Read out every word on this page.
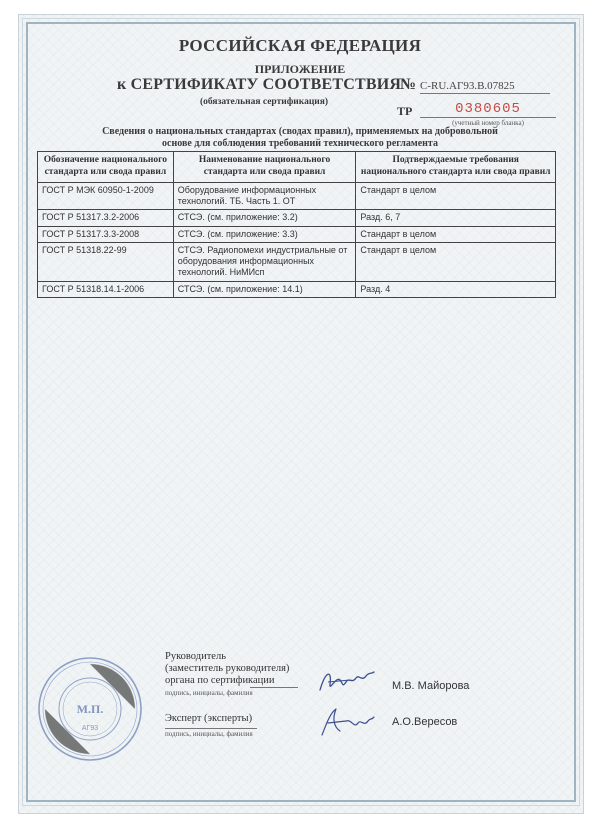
РОССИЙСКАЯ ФЕДЕРАЦИЯ
ПРИЛОЖЕНИЕ
к СЕРТИФИКАТУ СООТВЕТСТВИЯ
№ C-RU.АГ93.B.07825
(обязательная сертификация)
ТР	0380605
(учетный номер бланка)
Сведения о национальных стандартах (сводах правил), применяемых на добровольной
основе для соблюдения требований технического регламента
Обозначение национального стандарта или свода правил	Наименование национального стандарта или свода правил	Подтверждаемые требования национального стандарта или свода правил
ГОСТ Р МЭК 60950-1-2009	Оборудование информационных технологий. ТБ. Часть 1. ОТ	Стандарт в целом
ГОСТ Р 51317.3.2-2006	СТСЭ. (см. приложение: 3.2)	Разд. 6, 7
ГОСТ Р 51317.3.3-2008	СТСЭ. (см. приложение: 3.3)	Стандарт в целом
ГОСТ Р 51318.22-99	СТСЭ. Радиопомехи индустриальные от оборудования информационных технологий. НиМИсп	Стандарт в целом
ГОСТ Р 51318.14.1-2006	СТСЭ. (см. приложение: 14.1)	Разд. 4
М.П.
АГ93
Руководитель
(заместитель руководителя)
органа по сертификации
подпись, инициалы, фамилия
М.В. Майорова
Эксперт (эксперты)
подпись, инициалы, фамилия
А.О.Вересов
